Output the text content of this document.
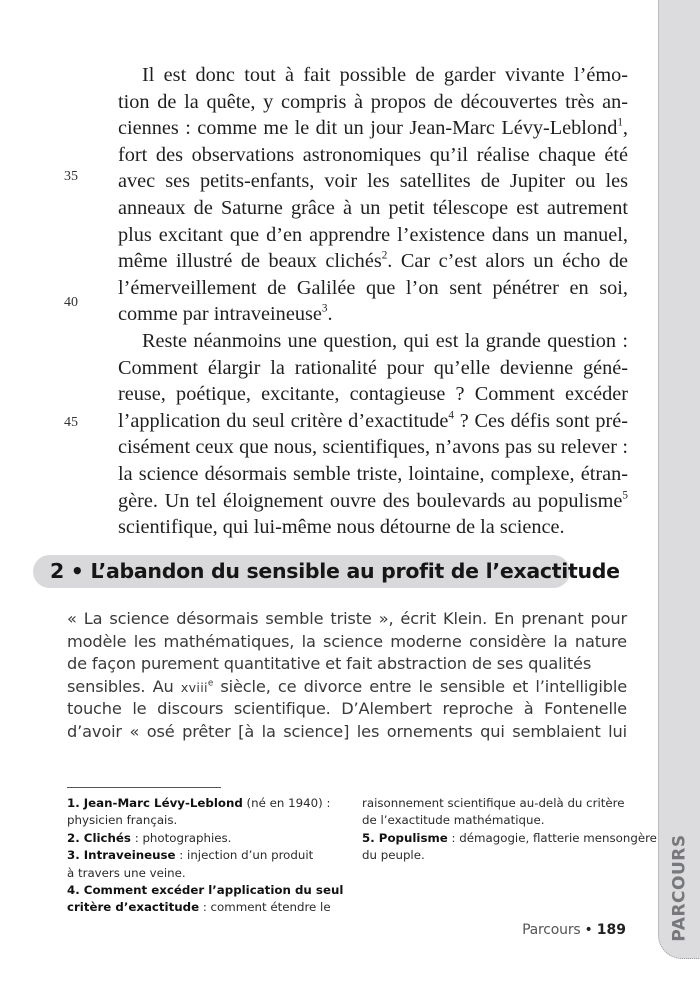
PARCOURS
35
40
45
Il est donc tout à fait possible de garder vivante l’émo-
tion de la quête, y compris à propos de découvertes très an-
ciennes : comme me le dit un jour Jean-Marc Lévy-Leblond$^1$,
fort des observations astronomiques qu’il réalise chaque été
avec ses petits-enfants, voir les satellites de Jupiter ou les
anneaux de Saturne grâce à un petit télescope est autrement
plus excitant que d’en apprendre l’existence dans un manuel,
même illustré de beaux clichés$^2$. Car c’est alors un écho de
l’émerveillement de Galilée que l’on sent pénétrer en soi,
comme par intraveineuse$^3$.
Reste néanmoins une question, qui est la grande question :
Comment élargir la rationalité pour qu’elle devienne géné-
reuse, poétique, excitante, contagieuse ? Comment excéder
l’application du seul critère d’exactitude$^4$ ? Ces défis sont pré-
cisément ceux que nous, scientifiques, n’avons pas su relever :
la science désormais semble triste, lointaine, complexe, étran-
gère. Un tel éloignement ouvre des boulevards au populisme$^5$
scientifique, qui lui-même nous détourne de la science.
2 • L’abandon du sensible au profit de l’exactitude
« La science désormais semble triste », écrit Klein. En prenant pour
modèle les mathématiques, la science moderne considère la nature
de façon purement quantitative et fait abstraction de ses qualités
sensibles. Au xviii$^e$ siècle, ce divorce entre le sensible et l’intelligible
touche le discours scientifique. D’Alembert reproche à Fontenelle
d’avoir « osé prêter [à la science] les ornements qui semblaient lui
1. Jean-Marc Lévy-Leblond (né en 1940) :
physicien français.
2. Clichés : photographies.
3. Intraveineuse : injection d’un produit
à travers une veine.
4. Comment excéder l’application du seul
critère d’exactitude : comment étendre le
raisonnement scientifique au-delà du critère
de l’exactitude mathématique.
5. Populisme : démagogie, flatterie mensongère
du peuple.
Parcours • 189
